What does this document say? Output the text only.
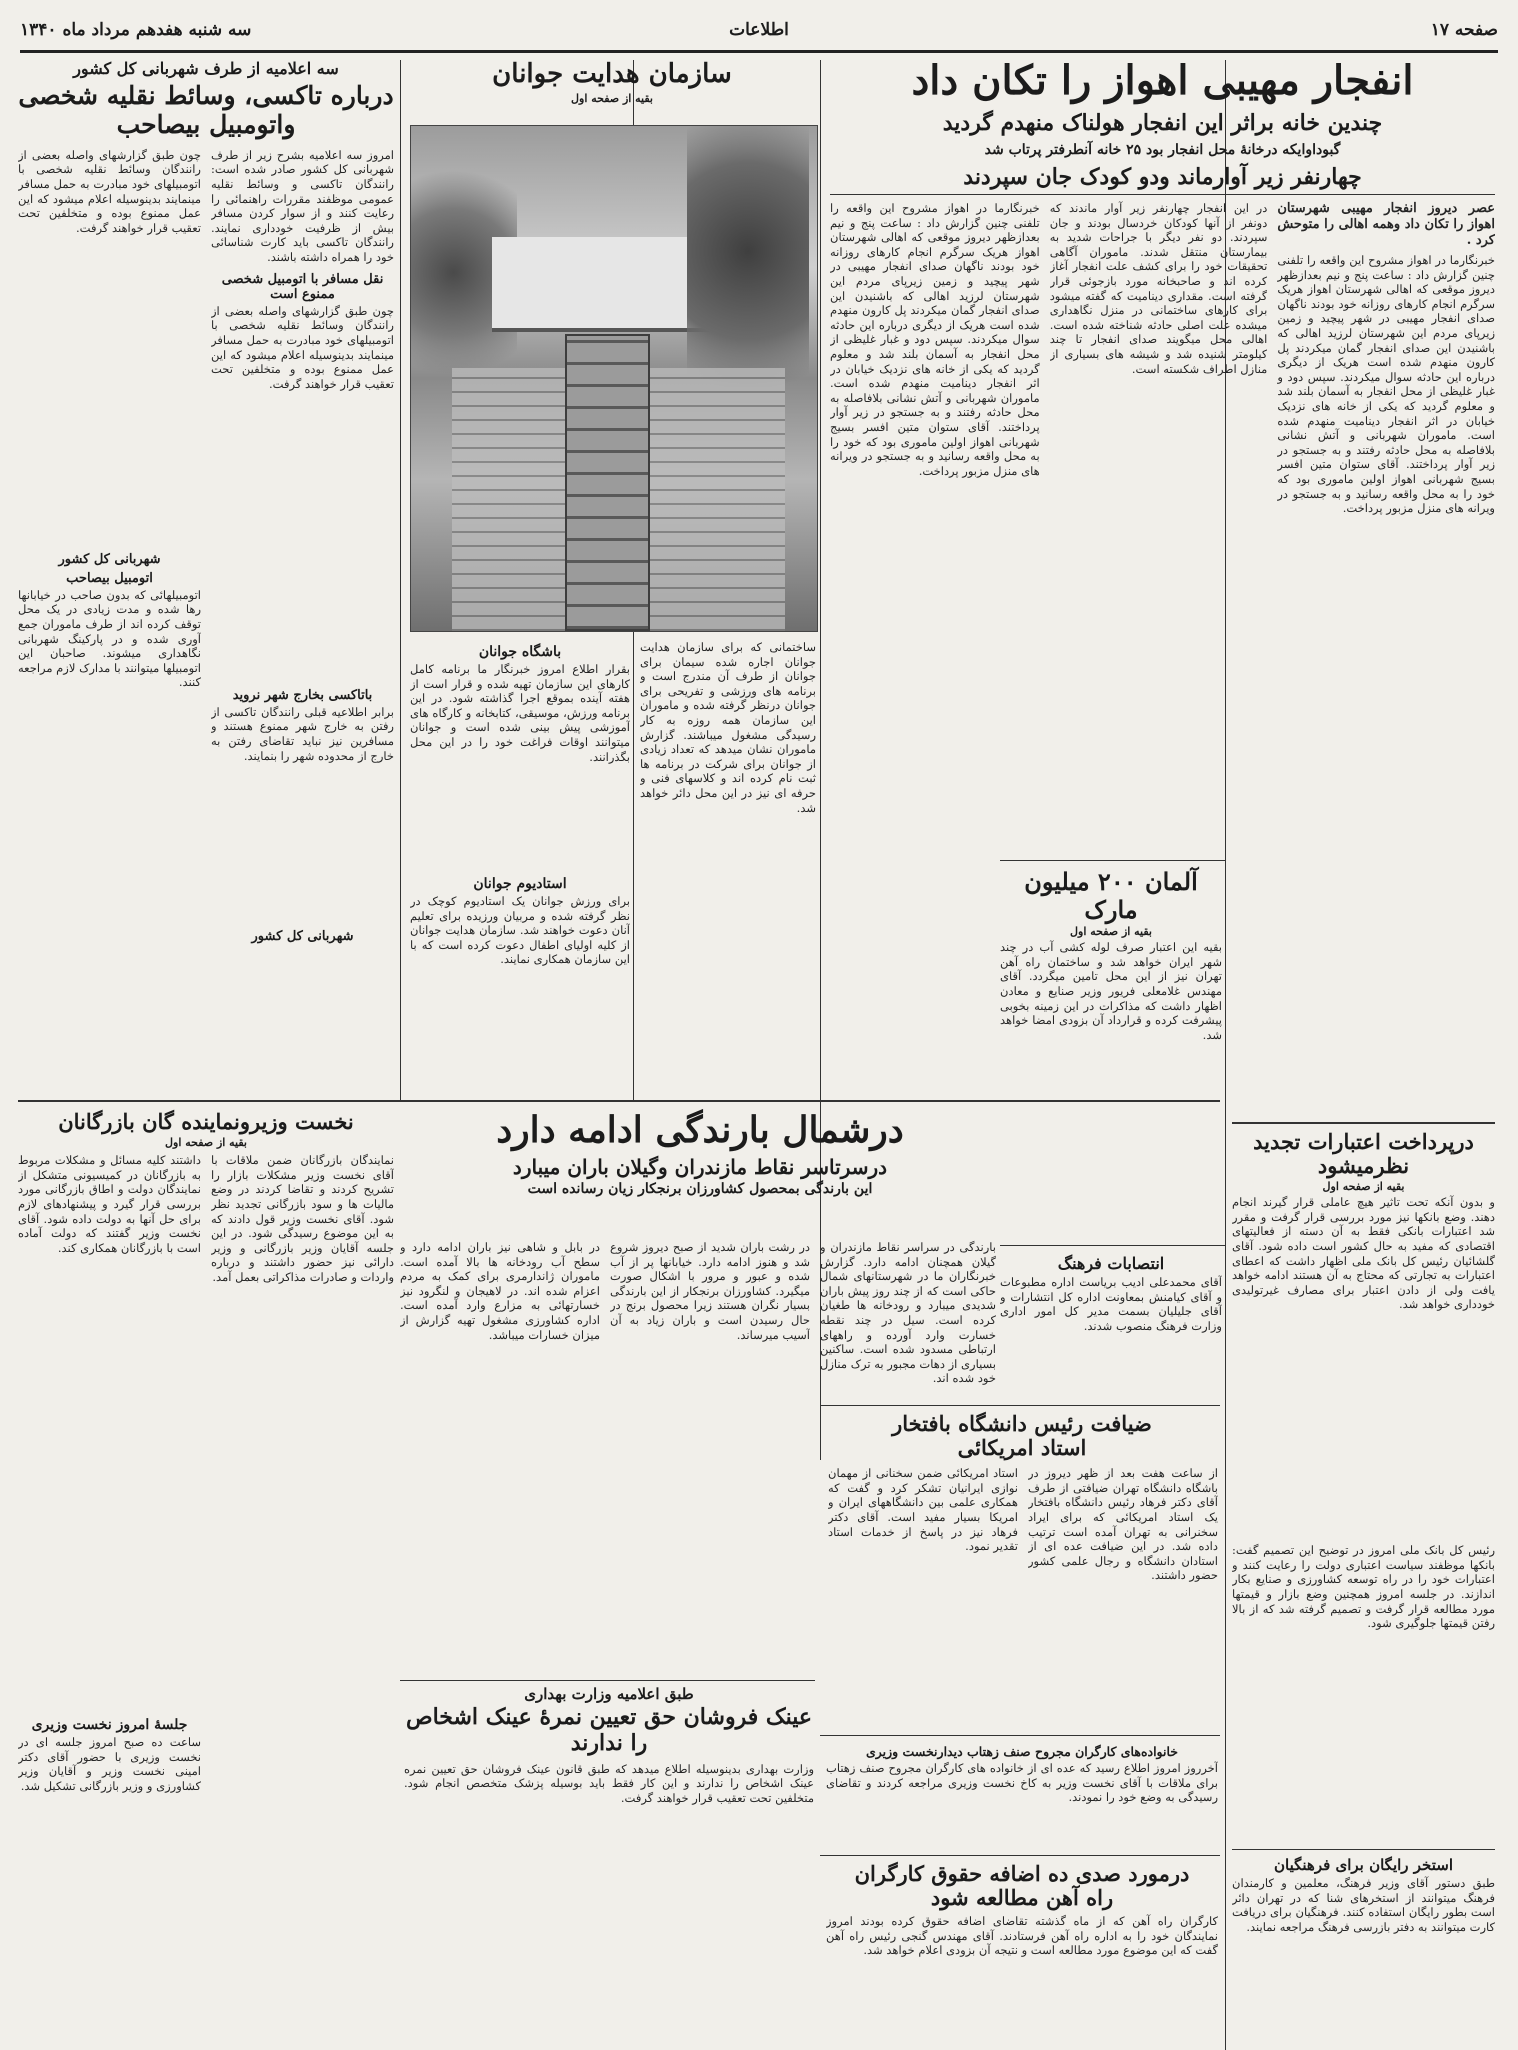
صفحه ۱۷
اطلاعات
سه شنبه هفدهم مرداد ماه ۱۳۴۰
انفجار مهیبی اهواز را تکان داد
چندین خانه براثر این انفجار هولناک منهدم گردید
گبوداوایکه درخانهٔ محل انفجار بود ۲۵ خانه آنطرفتر پرتاب شد
چهارنفر زیر آوارماند ودو کودک جان سپردند
عصر دیروز انفجار مهیبی شهرستان اهواز را تکان داد وهمه اهالی را متوحش کرد .
خبرنگارما در اهواز مشروح این واقعه را تلفنی چنین گزارش داد : ساعت پنج و نیم بعدازظهر دیروز موقعی که اهالی شهرستان اهواز هریک سرگرم انجام کارهای روزانه خود بودند ناگهان صدای انفجار مهیبی در شهر پیچید و زمین زیرپای مردم این شهرستان لرزید اهالی که باشنیدن این صدای انفجار گمان میکردند پل کارون منهدم شده است هریک از دیگری درباره این حادثه سوال میکردند. سپس دود و غبار غلیظی از محل انفجار به آسمان بلند شد و معلوم گردید که یکی از خانه های نزدیک خیابان در اثر انفجار دینامیت منهدم شده است. ماموران شهربانی و آتش نشانی بلافاصله به محل حادثه رفتند و به جستجو در زیر آوار پرداختند. آقای ستوان متین افسر بسیج شهربانی اهواز اولین ماموری بود که خود را به محل واقعه رسانید و به جستجو در ویرانه های منزل مزبور پرداخت.
در این انفجار چهارنفر زیر آوار ماندند که دونفر از آنها کودکان خردسال بودند و جان سپردند. دو نفر دیگر با جراحات شدید به بیمارستان منتقل شدند. ماموران آگاهی تحقیقات خود را برای کشف علت انفجار آغاز کرده اند و صاحبخانه مورد بازجوئی قرار گرفته است. مقداری دینامیت که گفته میشود برای کارهای ساختمانی در منزل نگاهداری میشده علت اصلی حادثه شناخته شده است. اهالی محل میگویند صدای انفجار تا چند کیلومتر شنیده شد و شیشه های بسیاری از منازل اطراف شکسته است.
خبرنگارما در اهواز مشروح این واقعه را تلفنی چنین گزارش داد : ساعت پنج و نیم بعدازظهر دیروز موقعی که اهالی شهرستان اهواز هریک سرگرم انجام کارهای روزانه خود بودند ناگهان صدای انفجار مهیبی در شهر پیچید و زمین زیرپای مردم این شهرستان لرزید اهالی که باشنیدن این صدای انفجار گمان میکردند پل کارون منهدم شده است هریک از دیگری درباره این حادثه سوال میکردند. سپس دود و غبار غلیظی از محل انفجار به آسمان بلند شد و معلوم گردید که یکی از خانه های نزدیک خیابان در اثر انفجار دینامیت منهدم شده است. ماموران شهربانی و آتش نشانی بلافاصله به محل حادثه رفتند و به جستجو در زیر آوار پرداختند. آقای ستوان متین افسر بسیج شهربانی اهواز اولین ماموری بود که خود را به محل واقعه رسانید و به جستجو در ویرانه های منزل مزبور پرداخت.
آلمان ۲۰۰ میلیون مارک
بقیه از صفحه اول
بقیه این اعتبار صرف لوله کشی آب در چند شهر ایران خواهد شد و ساختمان راه آهن تهران نیز از این محل تامین میگردد. آقای مهندس غلامعلی فریور وزیر صنایع و معادن اظهار داشت که مذاکرات در این زمینه بخوبی پیشرفت کرده و قرارداد آن بزودی امضا خواهد شد.
انتصابات فرهنگ
آقای محمدعلی ادیب بریاست اداره مطبوعات و آقای کیامنش بمعاونت اداره کل انتشارات و آقای جلیلیان بسمت مدیر کل امور اداری وزارت فرهنگ منصوب شدند.
درپرداخت اعتبارات تجدید نظرمیشود
بقیه از صفحه اول
و بدون آنکه تحت تاثیر هیچ عاملی قرار گیرند انجام دهند. وضع بانکها نیز مورد بررسی قرار گرفت و مقرر شد اعتبارات بانکی فقط به آن دسته از فعالیتهای اقتصادی که مفید به حال کشور است داده شود. آقای گلشائیان رئیس کل بانک ملی اظهار داشت که اعطای اعتبارات به تجارتی که محتاج به آن هستند ادامه خواهد یافت ولی از دادن اعتبار برای مصارف غیرتولیدی خودداری خواهد شد.
رئیس کل بانک ملی امروز در توضیح این تصمیم گفت: بانکها موظفند سیاست اعتباری دولت را رعایت کنند و اعتبارات خود را در راه توسعه کشاورزی و صنایع بکار اندازند. در جلسه امروز همچنین وضع بازار و قیمتها مورد مطالعه قرار گرفت و تصمیم گرفته شد که از بالا رفتن قیمتها جلوگیری شود.
استخر رایگان برای فرهنگیان
طبق دستور آقای وزیر فرهنگ، معلمین و کارمندان فرهنگ میتوانند از استخرهای شنا که در تهران دائر است بطور رایگان استفاده کنند. فرهنگیان برای دریافت کارت میتوانند به دفتر بازرسی فرهنگ مراجعه نمایند.
سازمان هدایت جوانان
بقیه از صفحه اول
ساختمانی که برای سازمان هدایت جوانان اجاره شده سیمان برای جوانان از طرف آن مندرج است و برنامه های ورزشی و تفریحی برای جوانان درنظر گرفته شده و ماموران این سازمان همه روزه به کار رسیدگی مشغول میباشند. گزارش ماموران نشان میدهد که تعداد زیادی از جوانان برای شرکت در برنامه ها ثبت نام کرده اند و کلاسهای فنی و حرفه ای نیز در این محل دائر خواهد شد.
باشگاه جوانان
بقرار اطلاع امروز خبرنگار ما برنامه کامل کارهای این سازمان تهیه شده و قرار است از هفته آینده بموقع اجرا گذاشته شود. در این برنامه ورزش، موسیقی، کتابخانه و کارگاه های آموزشی پیش بینی شده است و جوانان میتوانند اوقات فراغت خود را در این محل بگذرانند.
استادیوم جوانان
برای ورزش جوانان یک استادیوم کوچک در نظر گرفته شده و مربیان ورزیده برای تعلیم آنان دعوت خواهند شد. سازمان هدایت جوانان از کلیه اولیای اطفال دعوت کرده است که با این سازمان همکاری نمایند.
سه اعلامیه از طرف شهربانی کل کشور
درباره تاکسی، وسائط نقلیه شخصی واتومبیل بیصاحب
امروز سه اعلامیه بشرح زیر از طرف شهربانی کل کشور صادر شده است: رانندگان تاکسی و وسائط نقلیه عمومی موظفند مقررات راهنمائی را رعایت کنند و از سوار کردن مسافر بیش از ظرفیت خودداری نمایند. رانندگان تاکسی باید کارت شناسائی خود را همراه داشته باشند.
نقل مسافر با اتومبیل شخصی ممنوع است
چون طبق گزارشهای واصله بعضی از رانندگان وسائط نقلیه شخصی با اتومبیلهای خود مبادرت به حمل مسافر مینمایند بدینوسیله اعلام میشود که این عمل ممنوع بوده و متخلفین تحت تعقیب قرار خواهند گرفت.
باتاکسی بخارج شهر نروید
برابر اطلاعیه قبلی رانندگان تاکسی از رفتن به خارج شهر ممنوع هستند و مسافرین نیز نباید تقاضای رفتن به خارج از محدوده شهر را بنمایند.
شهربانی کل کشور
چون طبق گزارشهای واصله بعضی از رانندگان وسائط نقلیه شخصی با اتومبیلهای خود مبادرت به حمل مسافر مینمایند بدینوسیله اعلام میشود که این عمل ممنوع بوده و متخلفین تحت تعقیب قرار خواهند گرفت.
شهربانی کل کشور
اتومبیل بیصاحب
اتومبیلهائی که بدون صاحب در خیابانها رها شده و مدت زیادی در یک محل توقف کرده اند از طرف ماموران جمع آوری شده و در پارکینگ شهربانی نگاهداری میشوند. صاحبان این اتومبیلها میتوانند با مدارک لازم مراجعه کنند.
درشمال بارندگی ادامه دارد
درسرتاسر نقاط مازندران وگیلان باران میبارد
این بارندگی بمحصول کشاورزان برنجکار زیان رسانده است
بارندگی در سراسر نقاط مازندران و گیلان همچنان ادامه دارد. گزارش خبرنگاران ما در شهرستانهای شمال حاکی است که از چند روز پیش باران شدیدی میبارد و رودخانه ها طغیان کرده است. سیل در چند نقطه خسارت وارد آورده و راههای ارتباطی مسدود شده است. ساکنین بسیاری از دهات مجبور به ترک منازل خود شده اند.
در رشت باران شدید از صبح دیروز شروع شد و هنوز ادامه دارد. خیابانها پر از آب شده و عبور و مرور با اشکال صورت میگیرد. کشاورزان برنجکار از این بارندگی بسیار نگران هستند زیرا محصول برنج در حال رسیدن است و باران زیاد به آن آسیب میرساند.
در بابل و شاهی نیز باران ادامه دارد و سطح آب رودخانه ها بالا آمده است. ماموران ژاندارمری برای کمک به مردم اعزام شده اند. در لاهیجان و لنگرود نیز خسارتهائی به مزارع وارد آمده است. اداره کشاورزی مشغول تهیه گزارش از میزان خسارات میباشد.
ضیافت رئیس دانشگاه بافتخار
استاد امریکائی
از ساعت هفت بعد از ظهر دیروز در باشگاه دانشگاه تهران ضیافتی از طرف آقای دکتر فرهاد رئیس دانشگاه بافتخار یک استاد امریکائی که برای ایراد سخنرانی به تهران آمده است ترتیب داده شد. در این ضیافت عده ای از استادان دانشگاه و رجال علمی کشور حضور داشتند.
استاد امریکائی ضمن سخنانی از مهمان نوازی ایرانیان تشکر کرد و گفت که همکاری علمی بین دانشگاههای ایران و امریکا بسیار مفید است. آقای دکتر فرهاد نیز در پاسخ از خدمات استاد تقدیر نمود.
خانواده‌های کارگران مجروح صنف زهتاب دیدارنخست وزیری
آخرروز امروز اطلاع رسید که عده ای از خانواده های کارگران مجروح صنف زهتاب برای ملاقات با آقای نخست وزیر به کاخ نخست وزیری مراجعه کردند و تقاضای رسیدگی به وضع خود را نمودند.
درمورد صدی ده اضافه حقوق کارگران
راه آهن مطالعه شود
کارگران راه آهن که از ماه گذشته تقاضای اضافه حقوق کرده بودند امروز نمایندگان خود را به اداره راه آهن فرستادند. آقای مهندس گنجی رئیس راه آهن گفت که این موضوع مورد مطالعه است و نتیجه آن بزودی اعلام خواهد شد.
طبق اعلامیه وزارت بهداری
عینک فروشان حق تعیین نمرهٔ عینک اشخاص را ندارند
وزارت بهداری بدینوسیله اطلاع میدهد که طبق قانون عینک فروشان حق تعیین نمره عینک اشخاص را ندارند و این کار فقط باید بوسیله پزشک متخصص انجام شود. متخلفین تحت تعقیب قرار خواهند گرفت.
نخست وزیرونماینده گان بازرگانان
بقیه از صفحه اول
نمایندگان بازرگانان ضمن ملاقات با آقای نخست وزیر مشکلات بازار را تشریح کردند و تقاضا کردند در وضع مالیات ها و سود بازرگانی تجدید نظر شود. آقای نخست وزیر قول دادند که به این موضوع رسیدگی شود. در این جلسه آقایان وزیر بازرگانی و وزیر دارائی نیز حضور داشتند و درباره واردات و صادرات مذاکراتی بعمل آمد.
داشتند کلیه مسائل و مشکلات مربوط به بازرگانان در کمیسیونی متشکل از نمایندگان دولت و اطاق بازرگانی مورد بررسی قرار گیرد و پیشنهادهای لازم برای حل آنها به دولت داده شود. آقای نخست وزیر گفتند که دولت آماده است با بازرگانان همکاری کند.
جلسهٔ امروز نخست وزیری
ساعت ده صبح امروز جلسه ای در نخست وزیری با حضور آقای دکتر امینی نخست وزیر و آقایان وزیر کشاورزی و وزیر بازرگانی تشکیل شد.
